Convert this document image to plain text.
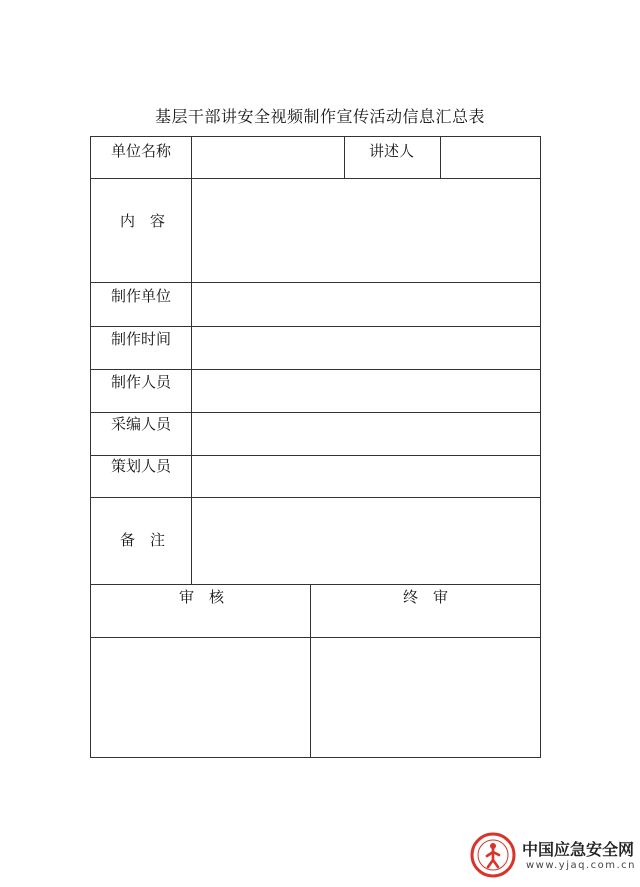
基层干部讲安全视频制作宣传活动信息汇总表
单位名称	讲述人
内　容
制作单位
制作时间
制作人员
采编人员
策划人员
备　注
审　核	终　审
中国应急安全网
www.yjaq.com.cn
